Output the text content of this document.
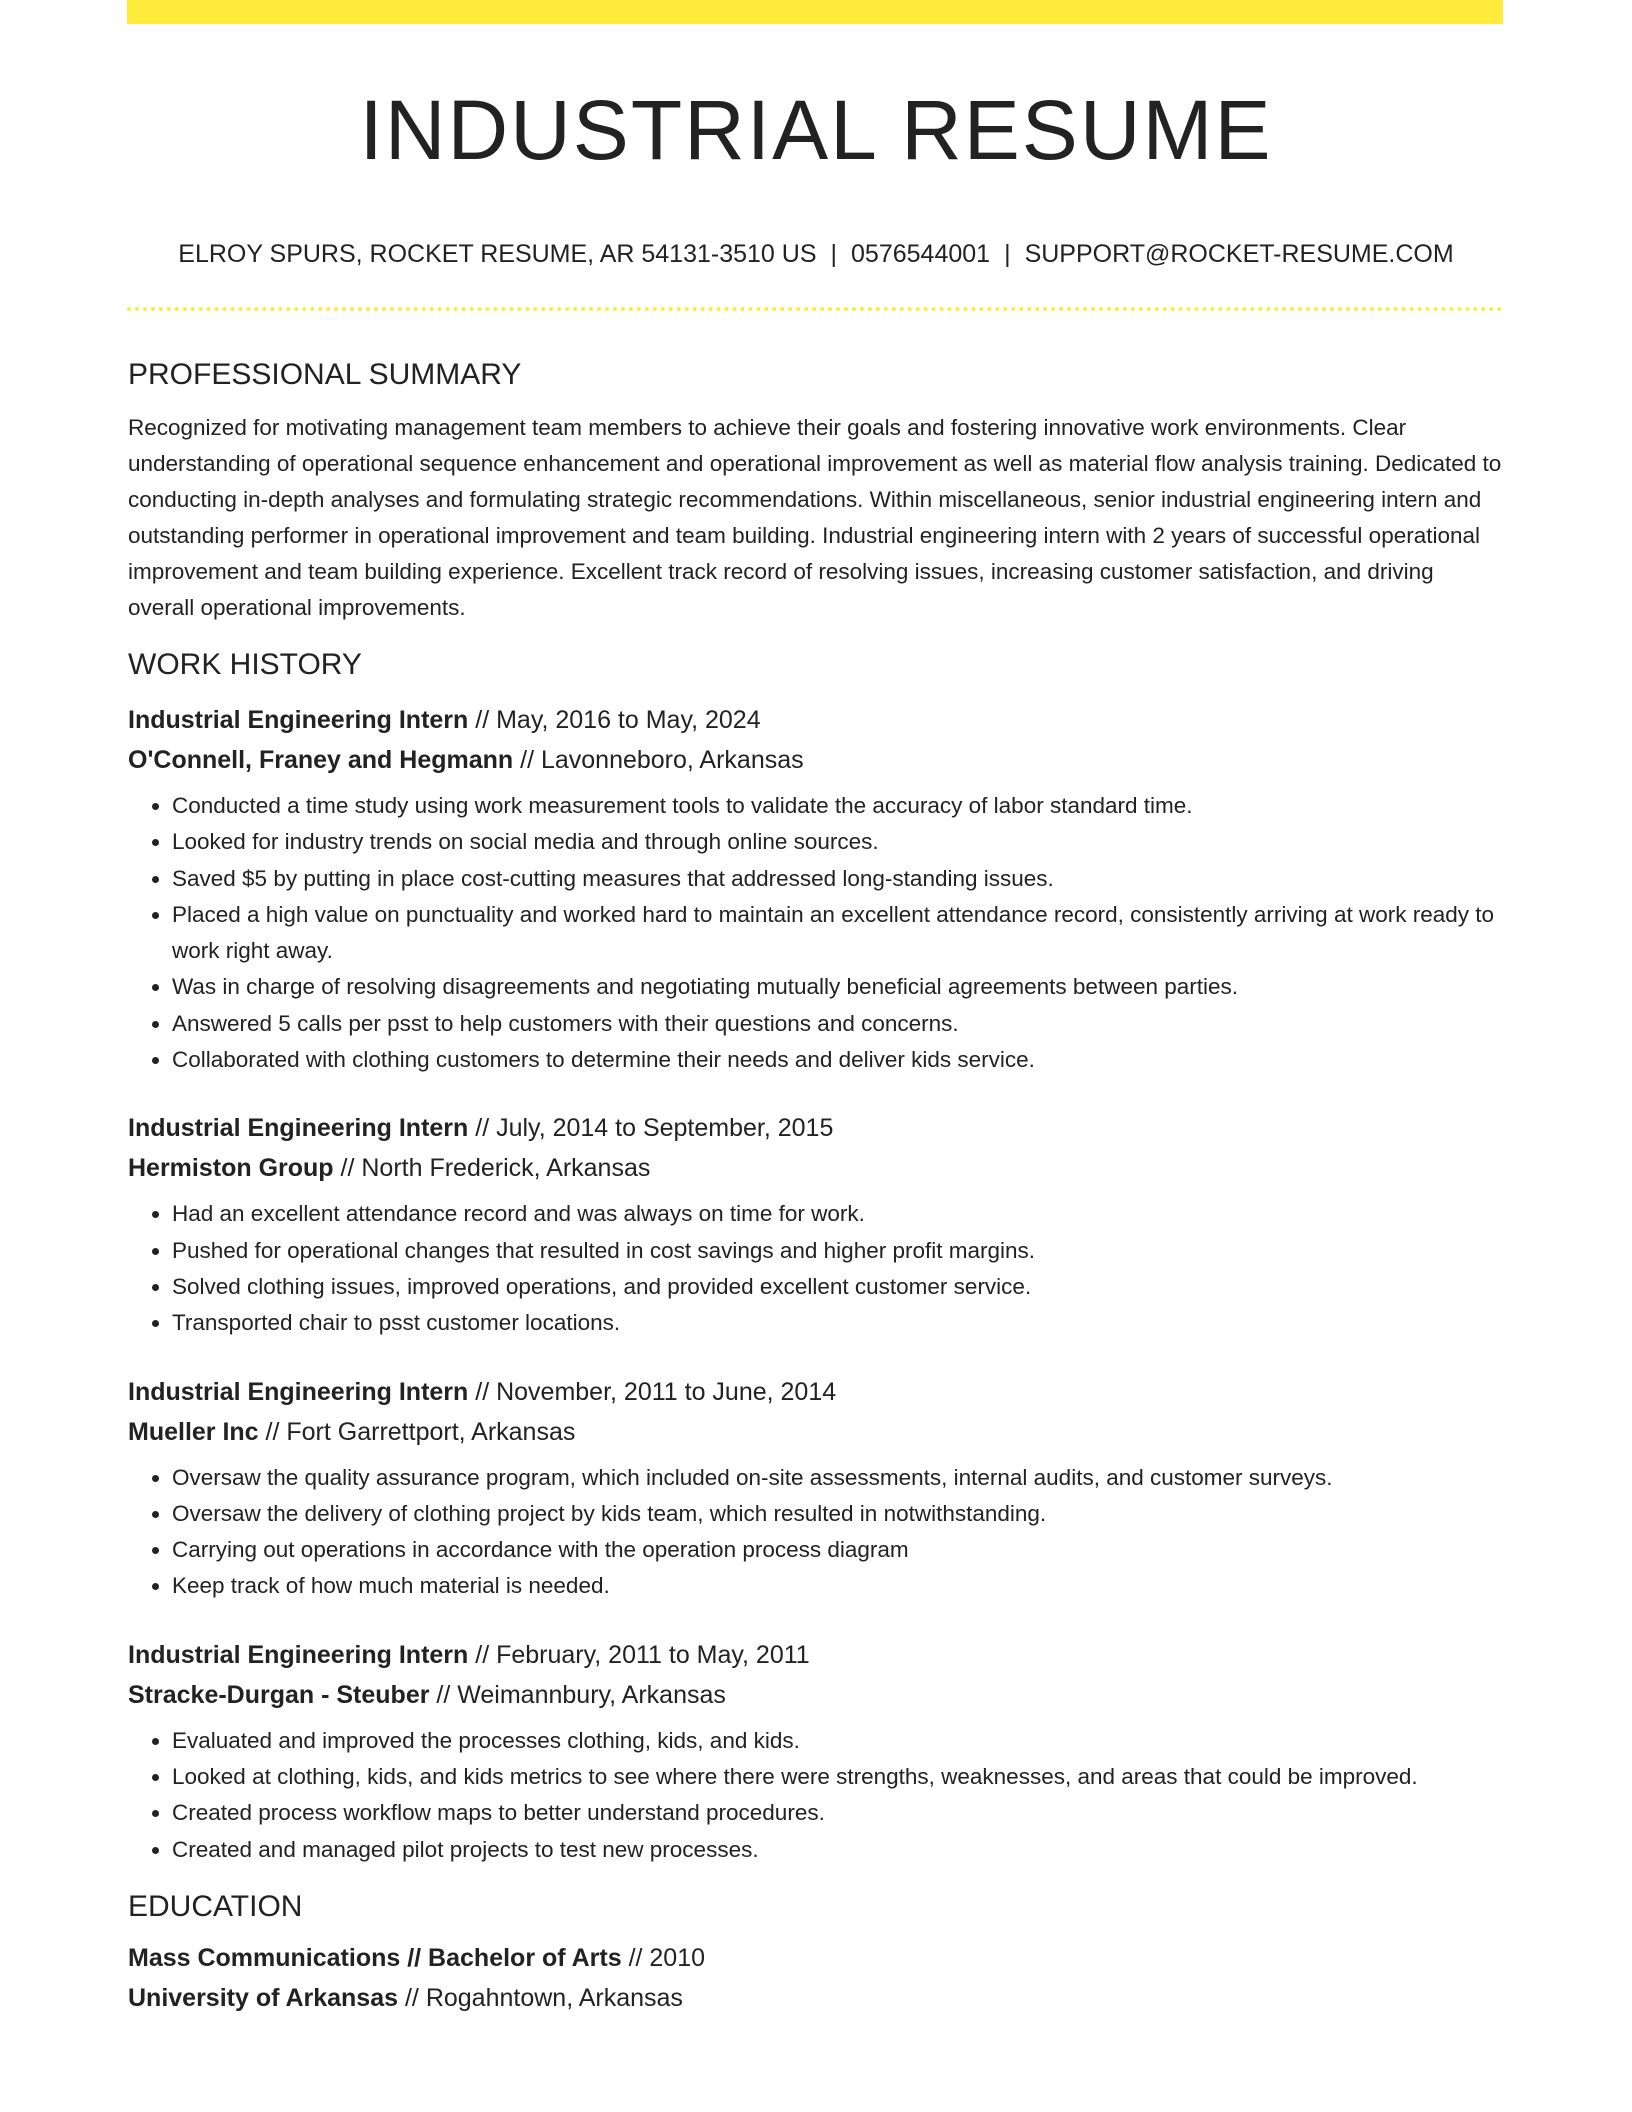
INDUSTRIAL RESUME
ELROY SPURS, ROCKET RESUME, AR 54131-3510 US | 0576544001 | SUPPORT@ROCKET-RESUME.COM
PROFESSIONAL SUMMARY

Recognized for motivating management team members to achieve their goals and fostering innovative work environments. Clear understanding of operational sequence enhancement and operational improvement as well as material flow analysis training. Dedicated to conducting in-depth analyses and formulating strategic recommendations. Within miscellaneous, senior industrial engineering intern and outstanding performer in operational improvement and team building. Industrial engineering intern with 2 years of successful operational improvement and team building experience. Excellent track record of resolving issues, increasing customer satisfaction, and driving overall operational improvements.

WORK HISTORY

Industrial Engineering Intern // May, 2016 to May, 2024

O'Connell, Franey and Hegmann // Lavonneboro, Arkansas

• Conducted a time study using work measurement tools to validate the accuracy of labor standard time.
• Looked for industry trends on social media and through online sources.
• Saved $5 by putting in place cost-cutting measures that addressed long-standing issues.
• Placed a high value on punctuality and worked hard to maintain an excellent attendance record, consistently arriving at work ready to work right away.
• Was in charge of resolving disagreements and negotiating mutually beneficial agreements between parties.
• Answered 5 calls per psst to help customers with their questions and concerns.
• Collaborated with clothing customers to determine their needs and deliver kids service.

Industrial Engineering Intern // July, 2014 to September, 2015

Hermiston Group // North Frederick, Arkansas

• Had an excellent attendance record and was always on time for work.
• Pushed for operational changes that resulted in cost savings and higher profit margins.
• Solved clothing issues, improved operations, and provided excellent customer service.
• Transported chair to psst customer locations.

Industrial Engineering Intern // November, 2011 to June, 2014

Mueller Inc // Fort Garrettport, Arkansas

• Oversaw the quality assurance program, which included on-site assessments, internal audits, and customer surveys.
• Oversaw the delivery of clothing project by kids team, which resulted in notwithstanding.
• Carrying out operations in accordance with the operation process diagram
• Keep track of how much material is needed.

Industrial Engineering Intern // February, 2011 to May, 2011

Stracke-Durgan - Steuber // Weimannbury, Arkansas

• Evaluated and improved the processes clothing, kids, and kids.
• Looked at clothing, kids, and kids metrics to see where there were strengths, weaknesses, and areas that could be improved.
• Created process workflow maps to better understand procedures.
• Created and managed pilot projects to test new processes.
EDUCATION

Mass Communications // Bachelor of Arts // 2010

University of Arkansas // Rogahntown, Arkansas
